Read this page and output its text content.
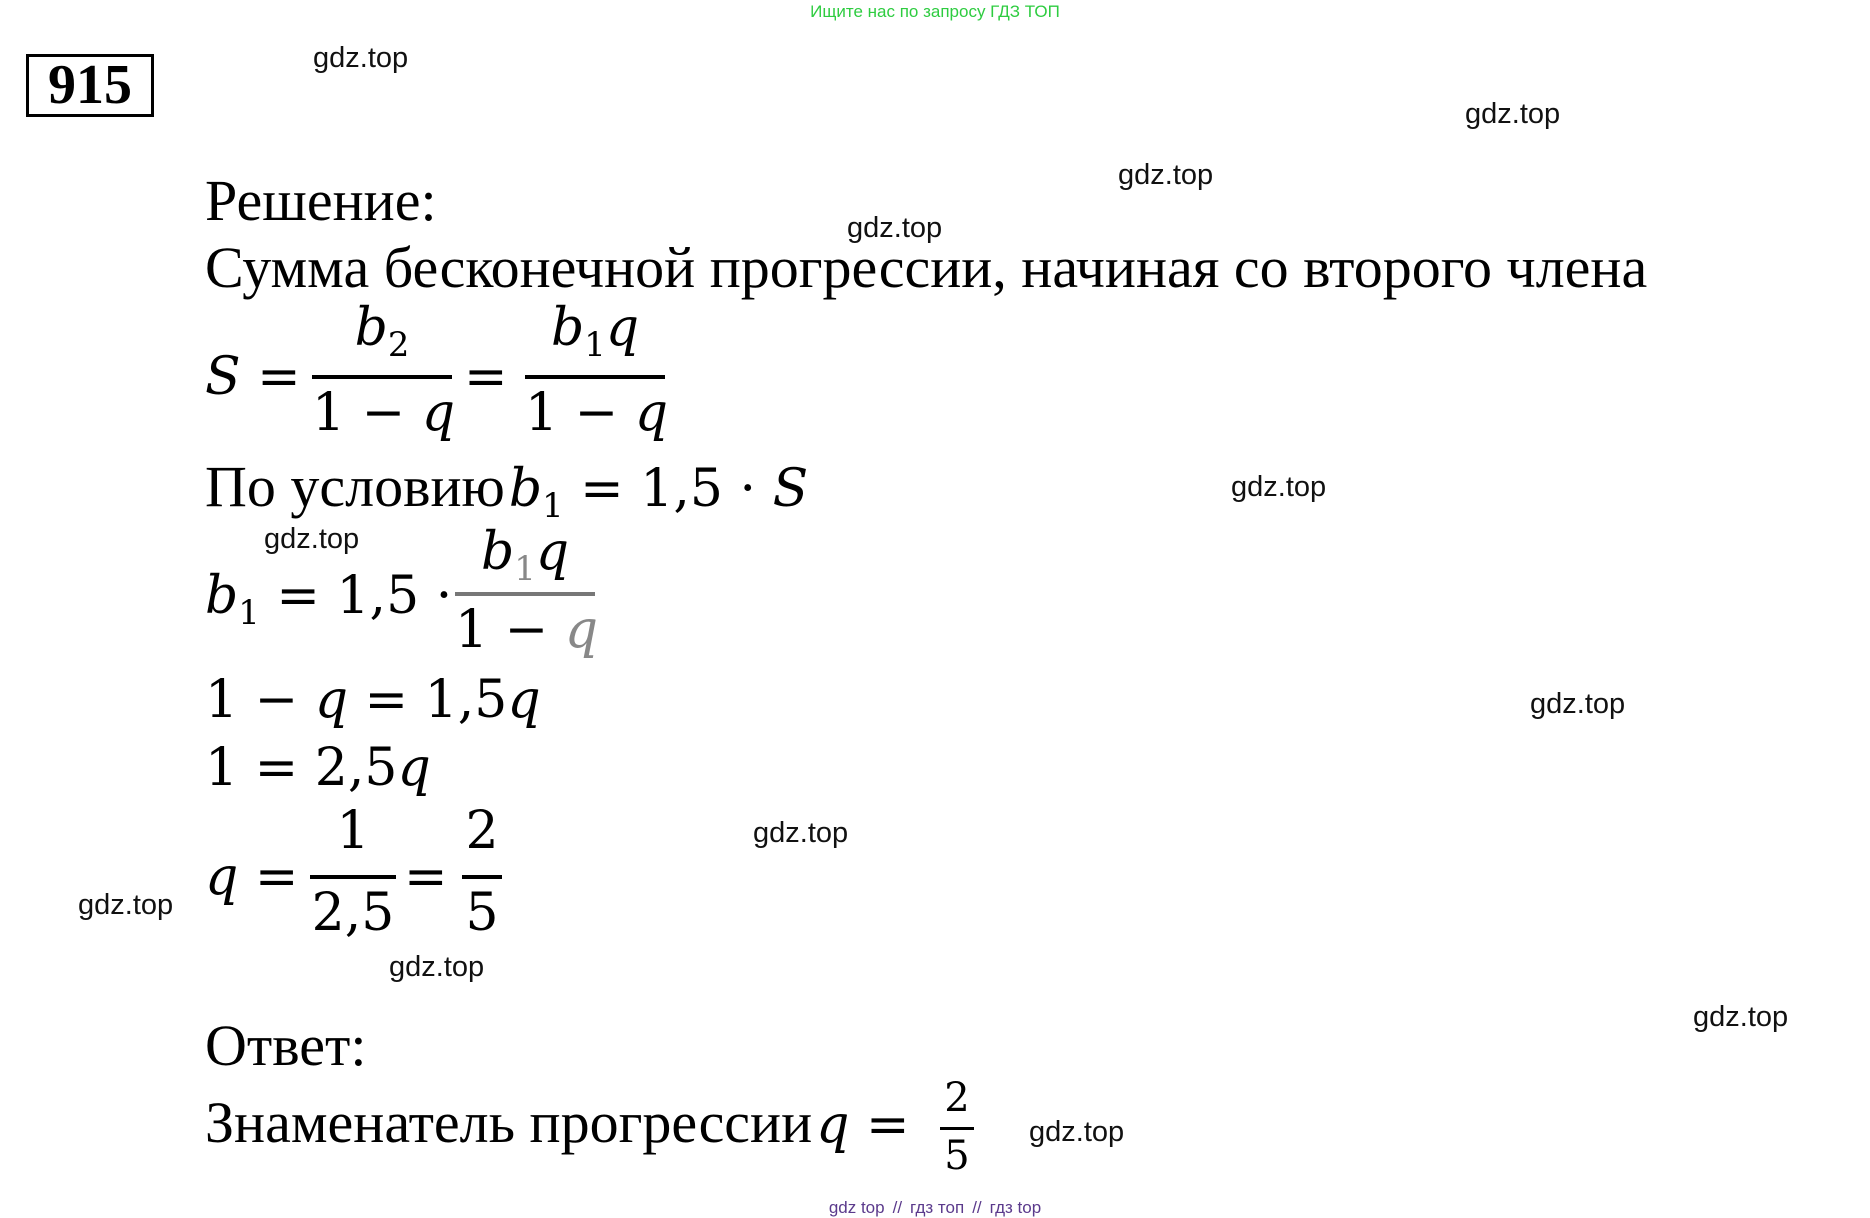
Ищите нас по запросу ГДЗ ТОП
915	gdz.top
gdz.top
gdz.top
gdz.top
gdz.top
gdz.top
gdz.top
gdz.top
gdz.top
gdz.top
gdz.top
gdz.top
Решение:
Сумма бесконечной прогрессии, начиная со второго члена
S =
$b_2$
1 − q
=
$b_1q$
1 − q
По условию $b_1 = 1,5 \cdot S$
$b_1 = 1,5$ ·
$b_1q$
1 − q
1 − q = 1,5q
1 = 2,5q
q =
1
2,5
=
2
5
Ответ:
Знаменатель прогрессии q = 2
5
gdz top // гдз топ // гдз top
